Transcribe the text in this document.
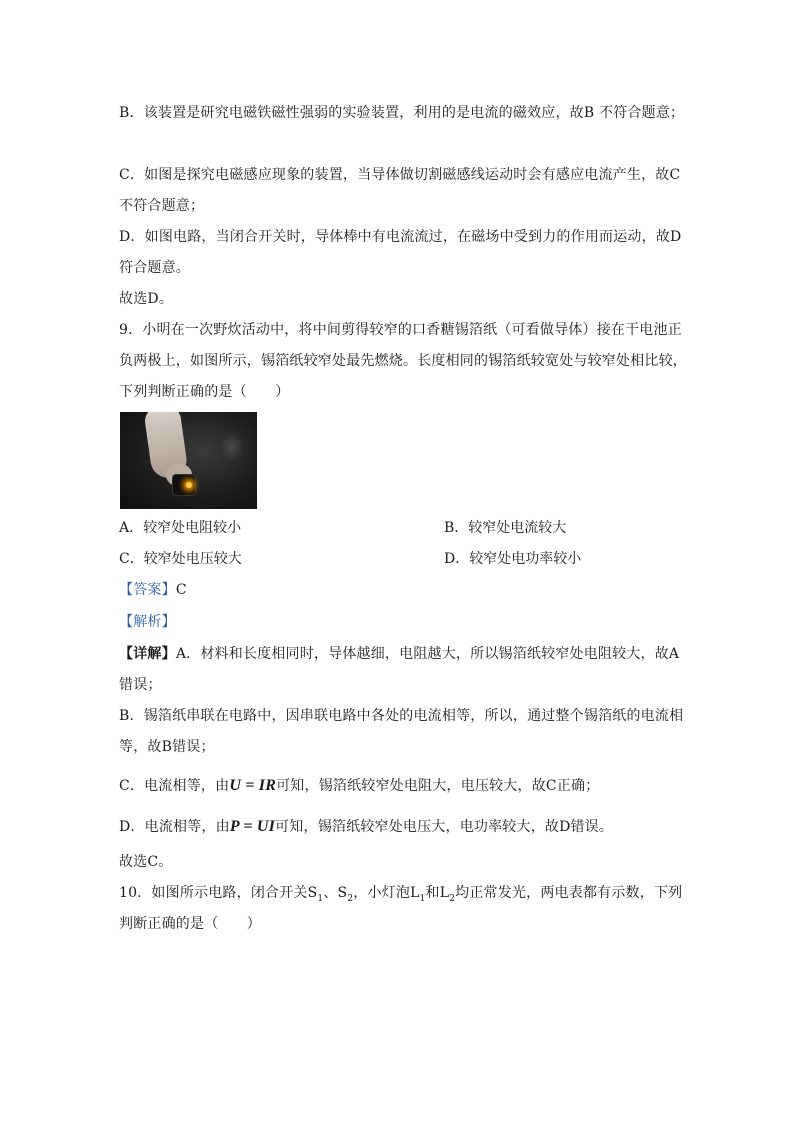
B．该装置是研究电磁铁磁性强弱的实验装置，利用的是电流的磁效应，故B 不符合题意；
C．如图是探究电磁感应现象的装置，当导体做切割磁感线运动时会有感应电流产生，故C
不符合题意；
D．如图电路，当闭合开关时，导体棒中有电流流过，在磁场中受到力的作用而运动，故D
符合题意。
故选D。
9．小明在一次野炊活动中，将中间剪得较窄的口香糖锡箔纸（可看做导体）接在干电池正
负两极上，如图所示，锡箔纸较窄处最先燃烧。长度相同的锡箔纸较宽处与较窄处相比较，
下列判断正确的是（　　）
A．较窄处电阻较小	B．较窄处电流较大
C．较窄处电压较大	D．较窄处电功率较小
【答案】C
【解析】
【详解】A．材料和长度相同时，导体越细，电阻越大，所以锡箔纸较窄处电阻较大，故A
错误；
B．锡箔纸串联在电路中，因串联电路中各处的电流相等，所以，通过整个锡箔纸的电流相
等，故B错误；
C．电流相等，由U = IR可知，锡箔纸较窄处电阻大，电压较大，故C正确；
D．电流相等，由P = UI可知，锡箔纸较窄处电压大，电功率较大，故D错误。
故选C。
10．如图所示电路，闭合开关$S_1$、$S_2$，小灯泡$L_1$和$L_2$均正常发光，两电表都有示数，下列
判断正确的是（　　）
